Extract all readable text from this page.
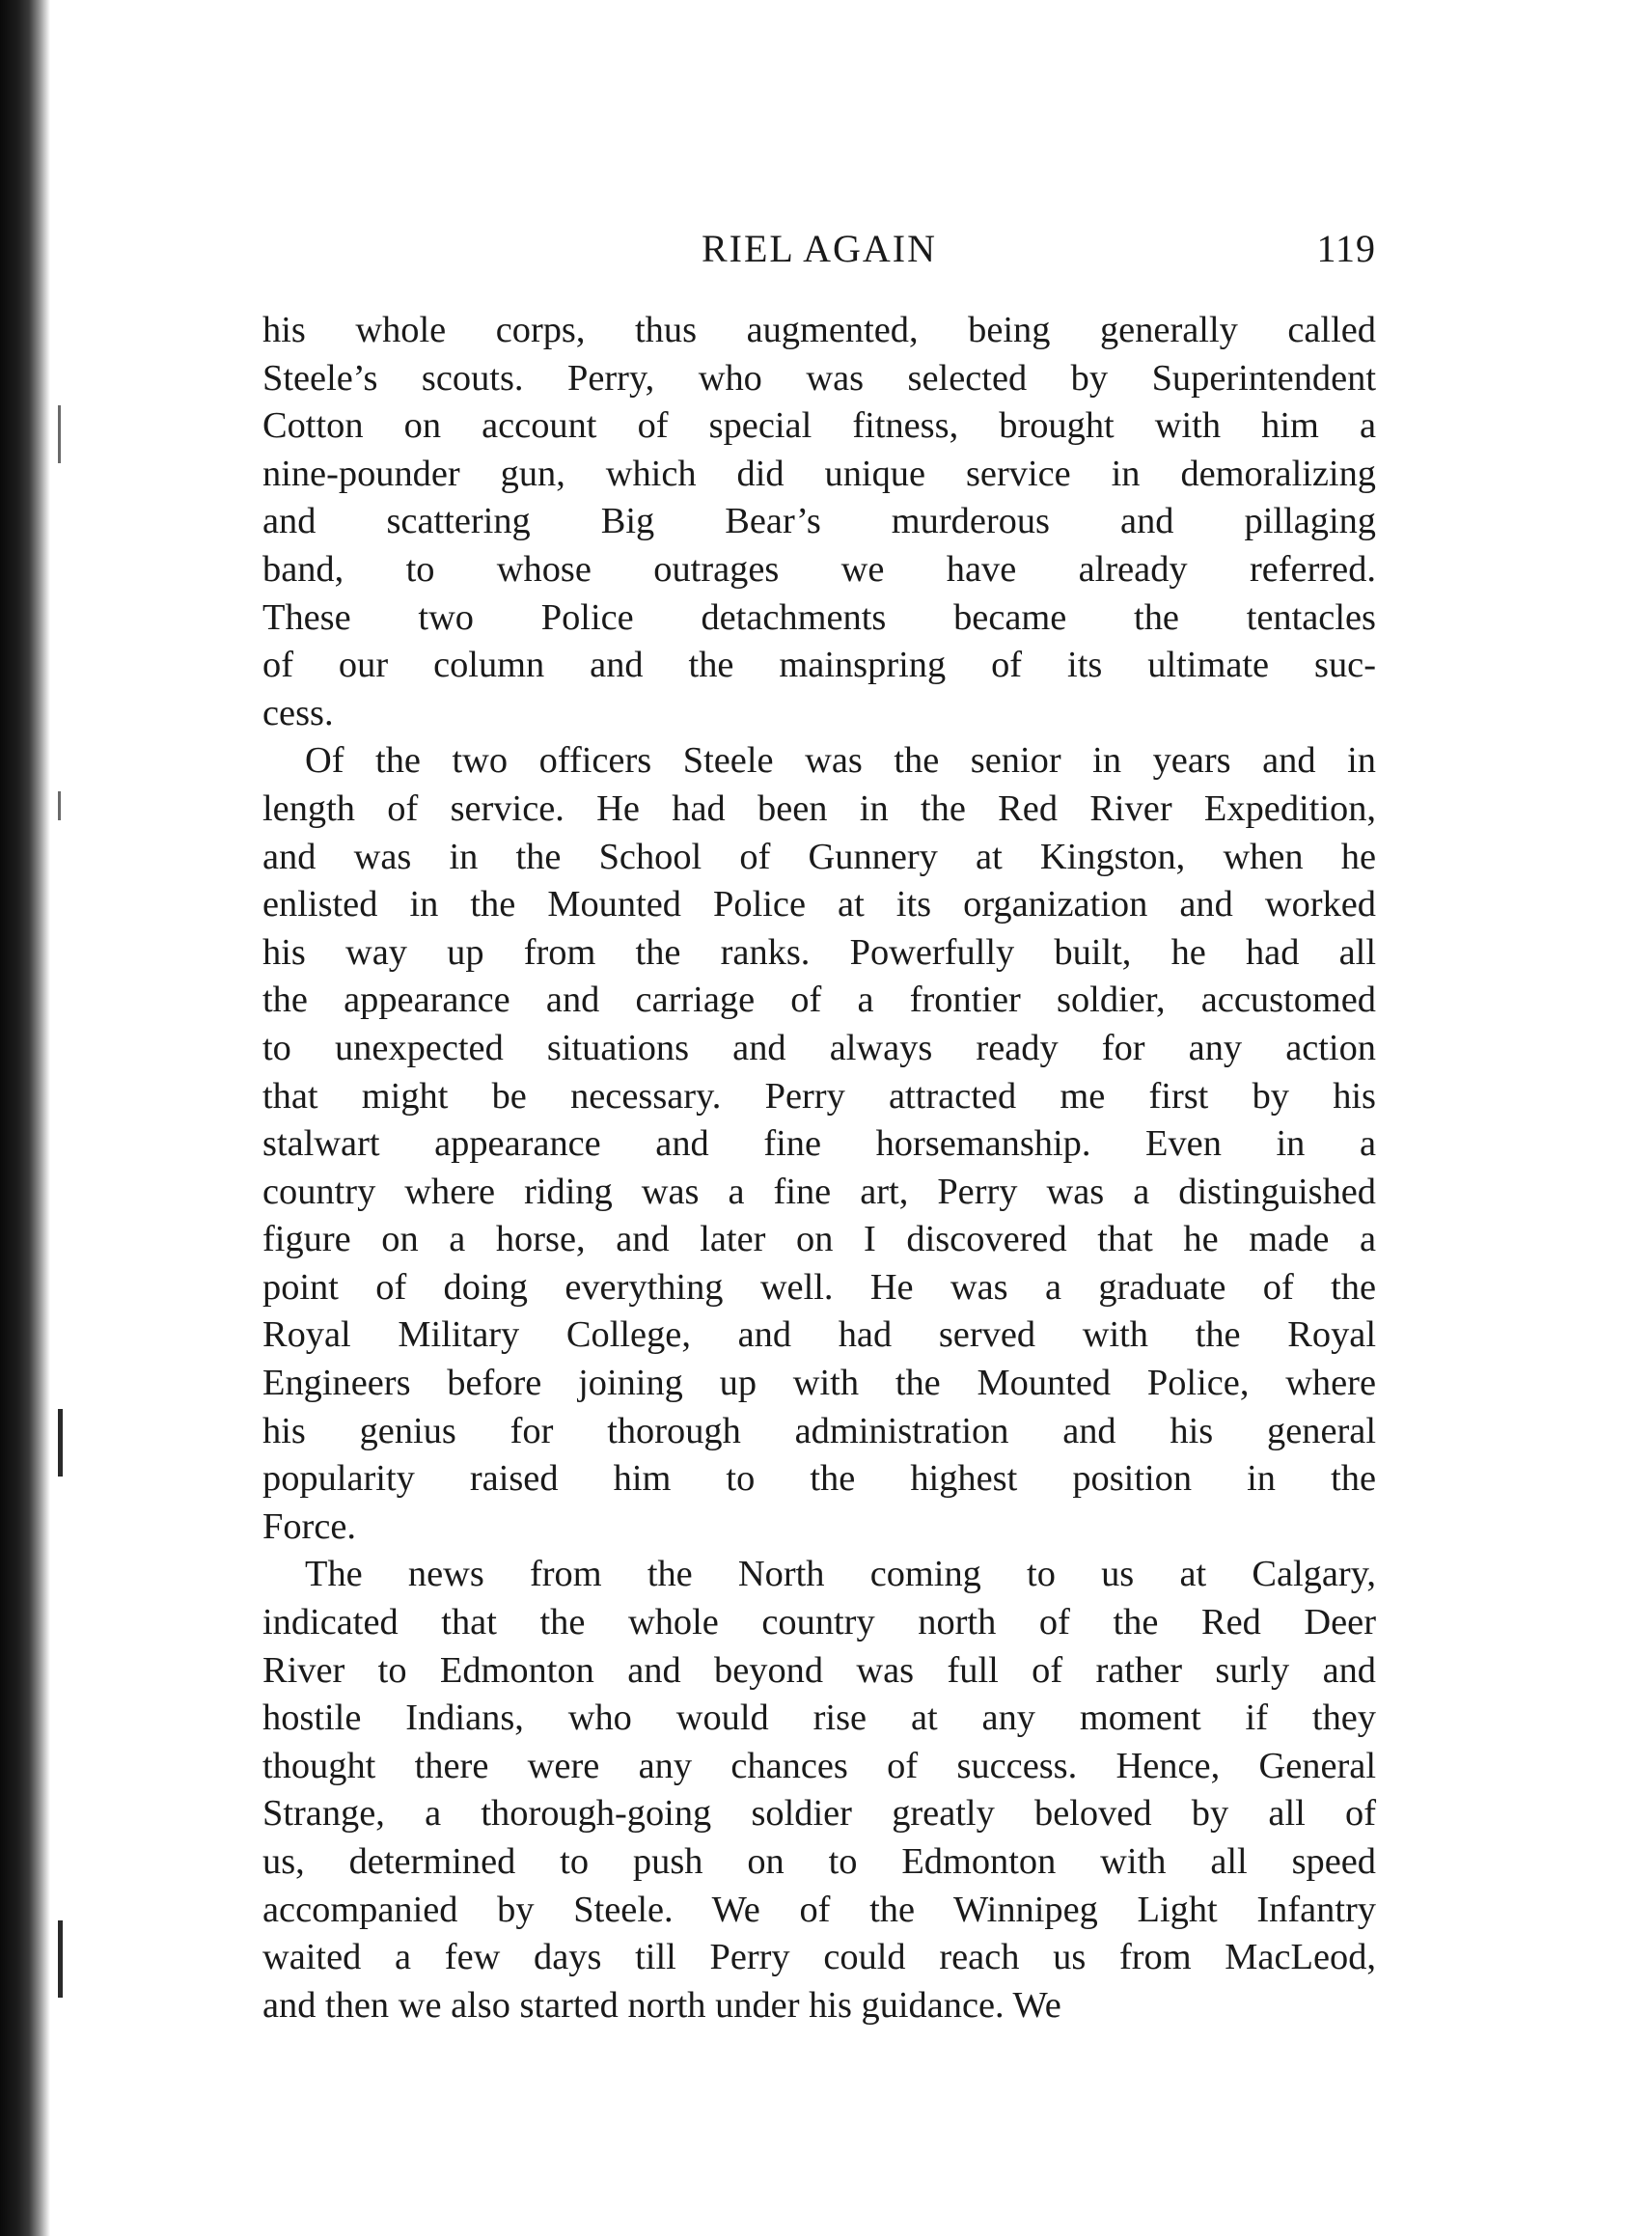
RIEL AGAIN	119
his whole corps, thus augmented, being generally called
Steele’s scouts. Perry, who was selected by Superintendent
Cotton on account of special fitness, brought with him a
nine-pounder gun, which did unique service in demoralizing
and scattering Big Bear’s murderous and pillaging
band, to whose outrages we have already referred.
These two Police detachments became the tentacles
of our column and the mainspring of its ultimate suc-
cess.
Of the two officers Steele was the senior in years and in
length of service. He had been in the Red River Expedition,
and was in the School of Gunnery at Kingston, when he
enlisted in the Mounted Police at its organization and worked
his way up from the ranks. Powerfully built, he had all
the appearance and carriage of a frontier soldier, accustomed
to unexpected situations and always ready for any action
that might be necessary. Perry attracted me first by his
stalwart appearance and fine horsemanship. Even in a
country where riding was a fine art, Perry was a distinguished
figure on a horse, and later on I discovered that he made a
point of doing everything well. He was a graduate of the
Royal Military College, and had served with the Royal
Engineers before joining up with the Mounted Police, where
his genius for thorough administration and his general
popularity raised him to the highest position in the
Force.
The news from the North coming to us at Calgary,
indicated that the whole country north of the Red Deer
River to Edmonton and beyond was full of rather surly and
hostile Indians, who would rise at any moment if they
thought there were any chances of success. Hence, General
Strange, a thorough-going soldier greatly beloved by all of
us, determined to push on to Edmonton with all speed
accompanied by Steele. We of the Winnipeg Light Infantry
waited a few days till Perry could reach us from MacLeod,
and then we also started north under his guidance. We
